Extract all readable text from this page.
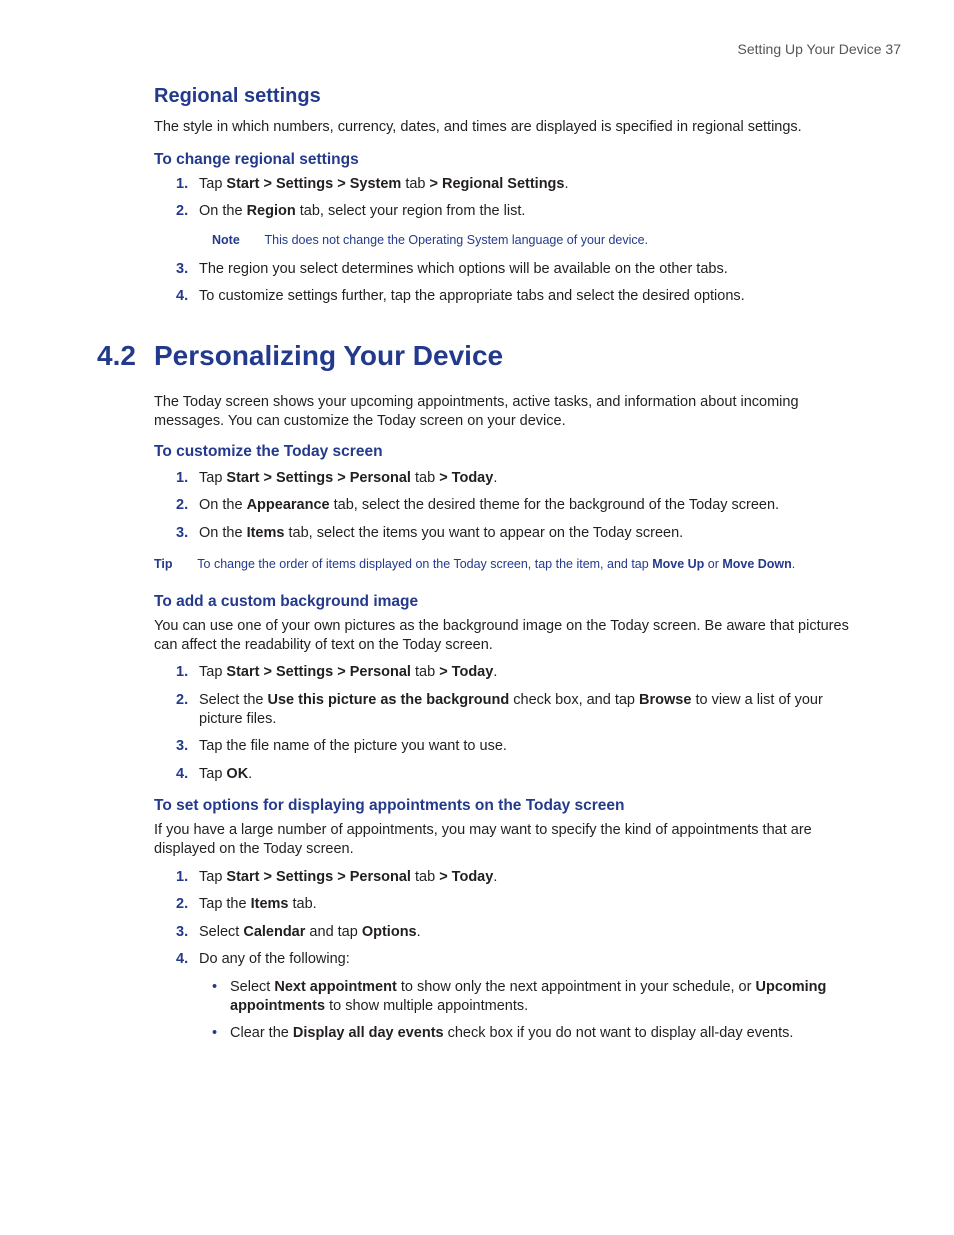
Setting Up Your Device 37
Regional settings
The style in which numbers, currency, dates, and times are displayed is specified in regional settings.
To change regional settings
1. Tap Start > Settings > System tab > Regional Settings.
2. On the Region tab, select your region from the list.
Note This does not change the Operating System language of your device.
3. The region you select determines which options will be available on the other tabs.
4. To customize settings further, tap the appropriate tabs and select the desired options.
4.2 Personalizing Your Device
The Today screen shows your upcoming appointments, active tasks, and information about incoming
messages. You can customize the Today screen on your device.
To customize the Today screen
1. Tap Start > Settings > Personal tab > Today.
2. On the Appearance tab, select the desired theme for the background of the Today screen.
3. On the Items tab, select the items you want to appear on the Today screen.
Tip To change the order of items displayed on the Today screen, tap the item, and tap Move Up or Move Down.
To add a custom background image
You can use one of your own pictures as the background image on the Today screen. Be aware that pictures
can affect the readability of text on the Today screen.
1. Tap Start > Settings > Personal tab > Today.
2. Select the Use this picture as the background check box, and tap Browse to view a list of your
picture files.
3. Tap the file name of the picture you want to use.
4. Tap OK.
To set options for displaying appointments on the Today screen
If you have a large number of appointments, you may want to specify the kind of appointments that are
displayed on the Today screen.
1. Tap Start > Settings > Personal tab > Today.
2. Tap the Items tab.
3. Select Calendar and tap Options.
4. Do any of the following:
• Select Next appointment to show only the next appointment in your schedule, or Upcoming
appointments to show multiple appointments.
• Clear the Display all day events check box if you do not want to display all-day events.
